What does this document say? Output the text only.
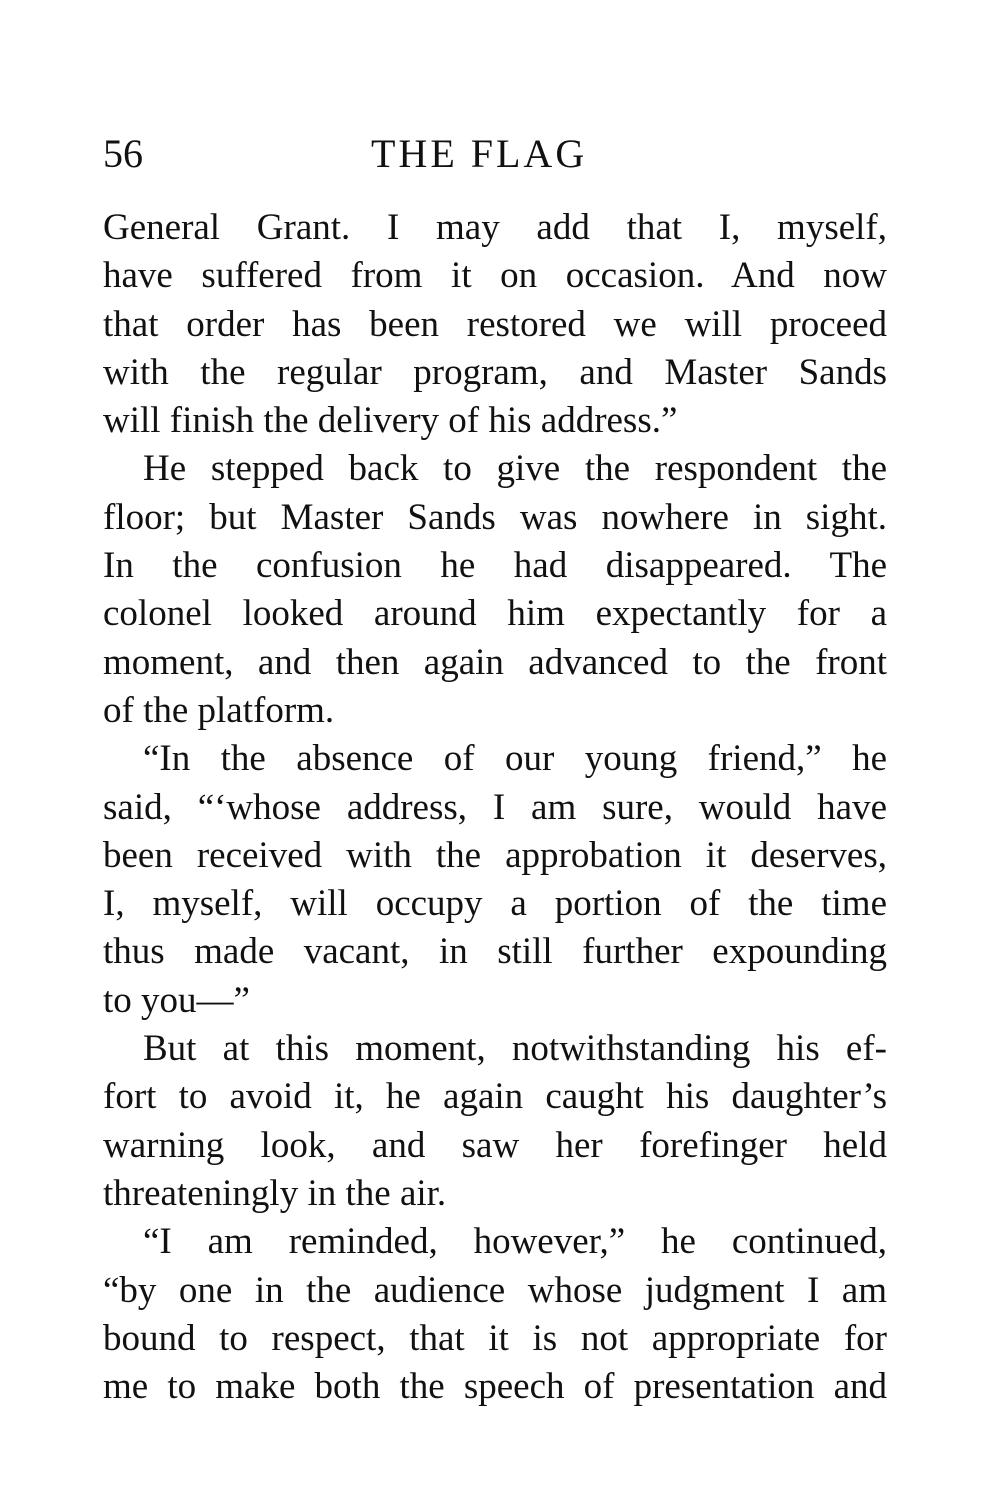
56	THE FLAG
General Grant. I may add that I, myself,
have suffered from it on occasion. And now
that order has been restored we will proceed
with the regular program, and Master Sands
will finish the delivery of his address.”
He stepped back to give the respondent the
floor; but Master Sands was nowhere in sight.
In the confusion he had disappeared. The
colonel looked around him expectantly for a
moment, and then again advanced to the front
of the platform.
“In the absence of our young friend,” he
said, “‘whose address, I am sure, would have
been received with the approbation it deserves,
I, myself, will occupy a portion of the time
thus made vacant, in still further expounding
to you—”
But at this moment, notwithstanding his ef-
fort to avoid it, he again caught his daughter’s
warning look, and saw her forefinger held
threateningly in the air.
“I am reminded, however,” he continued,
“by one in the audience whose judgment I am
bound to respect, that it is not appropriate for
me to make both the speech of presentation and
